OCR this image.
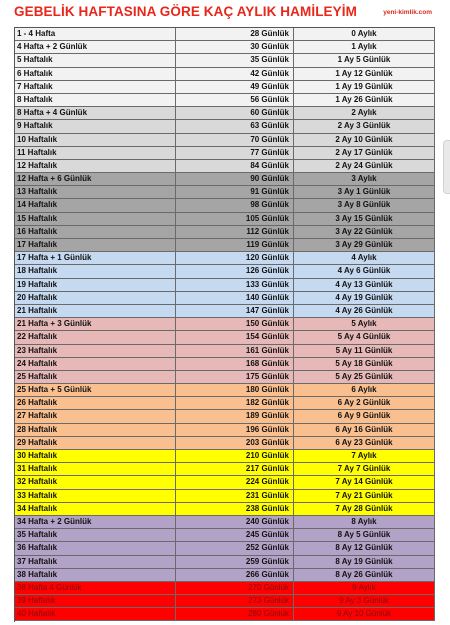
GEBELİK HAFTASINA GÖRE KAÇ AYLIK HAMİLEYİM	yeni-kimlik.com
1 - 4 Hafta	28 Günlük	0 Aylık
4 Hafta + 2 Günlük	30 Günlük	1 Aylık
5 Haftalık	35 Günlük	1 Ay 5 Günlük
6 Haftalık	42 Günlük	1 Ay 12 Günlük
7 Haftalık	49 Günlük	1 Ay 19 Günlük
8 Haftalık	56 Günlük	1 Ay 26 Günlük
8 Hafta + 4 Günlük	60 Günlük	2 Aylık
9 Haftalık	63 Günlük	2 Ay 3 Günlük
10 Haftalık	70 Günlük	2 Ay 10 Günlük
11 Haftalık	77 Günlük	2 Ay 17 Günlük
12 Haftalık	84 Günlük	2 Ay 24 Günlük
12 Hafta + 6 Günlük	90 Günlük	3 Aylık
13 Haftalık	91 Günlük	3 Ay 1 Günlük
14 Haftalık	98 Günlük	3 Ay 8 Günlük
15 Haftalık	105 Günlük	3 Ay 15 Günlük
16 Haftalık	112 Günlük	3 Ay 22 Günlük
17 Haftalık	119 Günlük	3 Ay 29 Günlük
17 Hafta + 1 Günlük	120 Günlük	4 Aylık
18 Haftalık	126 Günlük	4 Ay 6 Günlük
19 Haftalık	133 Günlük	4 Ay 13 Günlük
20 Haftalık	140 Günlük	4 Ay 19 Günlük
21 Haftalık	147 Günlük	4 Ay 26 Günlük
21 Hafta + 3 Günlük	150 Günlük	5 Aylık
22 Haftalık	154 Günlük	5 Ay 4 Günlük
23 Haftalık	161 Günlük	5 Ay 11 Günlük
24 Haftalık	168 Günlük	5 Ay 18 Günlük
25 Haftalık	175 Günlük	5 Ay 25 Günlük
25 Hafta + 5 Günlük	180 Günlük	6 Aylık
26 Haftalık	182 Günlük	6 Ay 2 Günlük
27 Haftalık	189 Günlük	6 Ay 9 Günlük
28 Haftalık	196 Günlük	6 Ay 16 Günlük
29 Haftalık	203 Günlük	6 Ay 23 Günlük
30 Haftalık	210 Günlük	7 Aylık
31 Haftalık	217 Günlük	7 Ay 7 Günlük
32 Haftalık	224 Günlük	7 Ay 14 Günlük
33 Haftalık	231 Günlük	7 Ay 21 Günlük
34 Haftalık	238 Günlük	7 Ay 28 Günlük
34 Hafta + 2 Günlük	240 Günlük	8 Aylık
35 Haftalık	245 Günlük	8 Ay 5 Günlük
36 Haftalık	252 Günlük	8 Ay 12 Günlük
37 Haftalık	259 Günlük	8 Ay 19 Günlük
38 Haftalık	266 Günlük	8 Ay 26 Günlük
38 Hafta 4 Günlük	270 Günlük	9 Aylık
39 Haftalık	273 Günlük	9 Ay 3 Günlük
40 Haftalık	280 Günlük	9 Ay 10 Günlük
